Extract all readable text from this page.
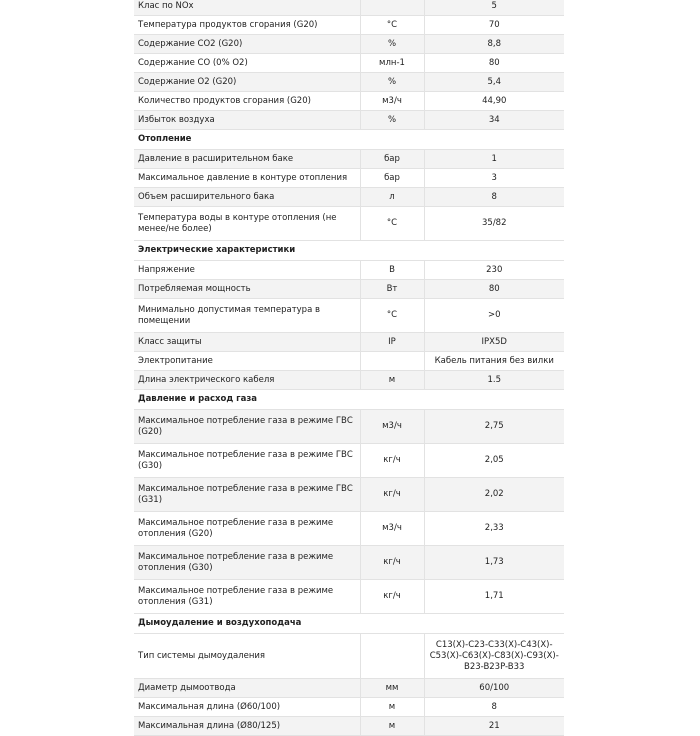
Клас по NOx		5
Температура продуктов сгорания (G20)	°C	70
Содержание СО2 (G20)	%	8,8
Содержание СО (0% О2)	млн-1	80
Содержание О2 (G20)	%	5,4
Количество продуктов сгорания (G20)	м3/ч	44,90
Избыток воздуха	%	34
Отопление		
Давление в расширительном баке	бар	1
Максимальное давление в контуре отопления	бар	3
Объем расширительного бака	л	8
Температура воды в контуре отопления (не менее/не более)	°C	35/82
Электрические характеристики		
Напряжение	В	230
Потребляемая мощность	Вт	80
Минимально допустимая температура в помещении	°C	>0
Класс защиты	IP	IPX5D
Электропитание		Кабель питания без вилки
Длина электрического кабеля	м	1.5
Давление и расход газа		
Максимальное потребление газа в режиме ГВС (G20)	м3/ч	2,75
Максимальное потребление газа в режиме ГВС (G30)	кг/ч	2,05
Максимальное потребление газа в режиме ГВС (G31)	кг/ч	2,02
Максимальное потребление газа в режиме отопления (G20)	м3/ч	2,33
Максимальное потребление газа в режиме отопления (G30)	кг/ч	1,73
Максимальное потребление газа в режиме отопления (G31)	кг/ч	1,71
Дымоудаление и воздухоподача		
Тип системы дымоудаления		C13(X)-C23-C33(X)-C43(X)-C53(X)-C63(X)-C83(X)-C93(X)-B23-B23P-B33
Диаметр дымоотвода	мм	60/100
Максимальная длина (Ø60/100)	м	8
Максимальная длина (Ø80/125)	м	21
